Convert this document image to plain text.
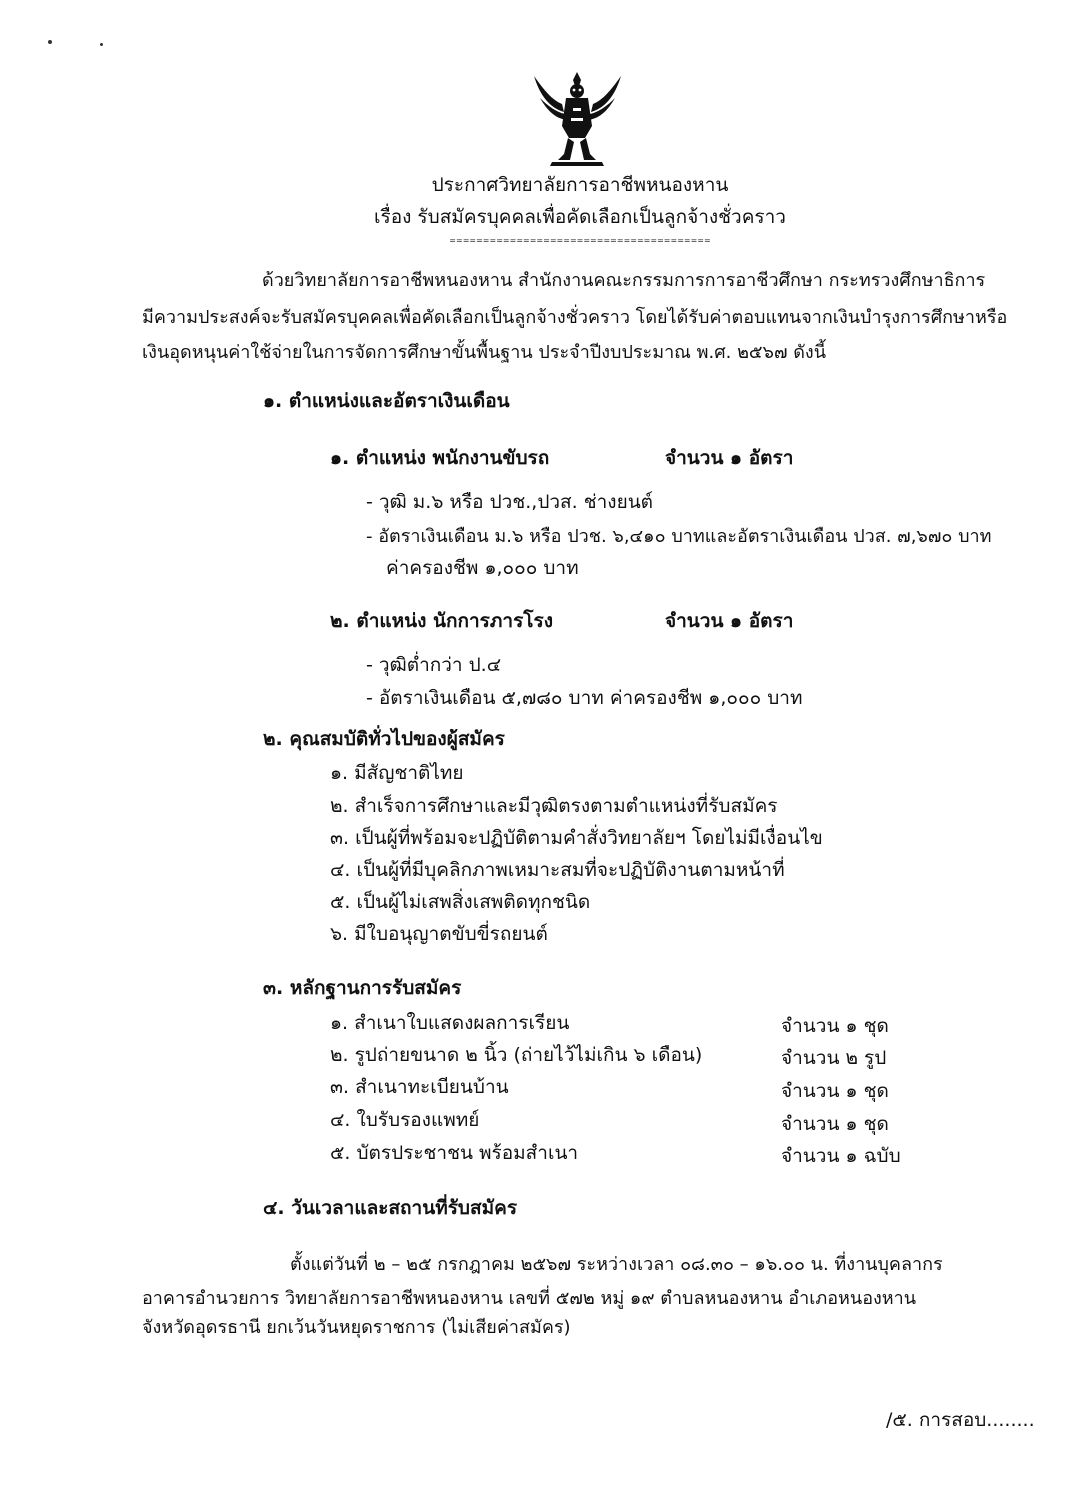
ประกาศวิทยาลัยการอาชีพหนองหาน
เรื่อง รับสมัครบุคคลเพื่อคัดเลือกเป็นลูกจ้างชั่วคราว
=======================================
ด้วยวิทยาลัยการอาชีพหนองหาน สำนักงานคณะกรรมการการอาชีวศึกษา กระทรวงศึกษาธิการ
มีความประสงค์จะรับสมัครบุคคลเพื่อคัดเลือกเป็นลูกจ้างชั่วคราว โดยได้รับค่าตอบแทนจากเงินบำรุงการศึกษาหรือ
เงินอุดหนุนค่าใช้จ่ายในการจัดการศึกษาขั้นพื้นฐาน ประจำปีงบประมาณ พ.ศ. ๒๕๖๗ ดังนี้
๑. ตำแหน่งและอัตราเงินเดือน
๑. ตำแหน่ง พนักงานขับรถ	จำนวน ๑ อัตรา
- วุฒิ ม.๖ หรือ ปวช.,ปวส. ช่างยนต์
- อัตราเงินเดือน ม.๖ หรือ ปวช. ๖,๔๑๐ บาทและอัตราเงินเดือน ปวส. ๗,๖๗๐ บาท
ค่าครองชีพ ๑,๐๐๐ บาท
๒. ตำแหน่ง นักการภารโรง	จำนวน ๑ อัตรา
- วุฒิต่ำกว่า ป.๔
- อัตราเงินเดือน ๕,๗๘๐ บาท ค่าครองชีพ ๑,๐๐๐ บาท
๒. คุณสมบัติทั่วไปของผู้สมัคร
๑. มีสัญชาติไทย
๒. สำเร็จการศึกษาและมีวุฒิตรงตามตำแหน่งที่รับสมัคร
๓. เป็นผู้ที่พร้อมจะปฏิบัติตามคำสั่งวิทยาลัยฯ โดยไม่มีเงื่อนไข
๔. เป็นผู้ที่มีบุคลิกภาพเหมาะสมที่จะปฏิบัติงานตามหน้าที่
๕. เป็นผู้ไม่เสพสิ่งเสพติดทุกชนิด
๖. มีใบอนุญาตขับขี่รถยนต์
๓. หลักฐานการรับสมัคร
๑. สำเนาใบแสดงผลการเรียน	จำนวน ๑ ชุด
๒. รูปถ่ายขนาด ๒ นิ้ว (ถ่ายไว้ไม่เกิน ๖ เดือน)	จำนวน ๒ รูป
๓. สำเนาทะเบียนบ้าน	จำนวน ๑ ชุด
๔. ใบรับรองแพทย์	จำนวน ๑ ชุด
๕. บัตรประชาชน พร้อมสำเนา	จำนวน ๑ ฉบับ
๔. วันเวลาและสถานที่รับสมัคร
ตั้งแต่วันที่ ๒ – ๒๕ กรกฎาคม ๒๕๖๗ ระหว่างเวลา ๐๘.๓๐ – ๑๖.๐๐ น. ที่งานบุคลากร
อาคารอำนวยการ วิทยาลัยการอาชีพหนองหาน เลขที่ ๕๗๒ หมู่ ๑๙ ตำบลหนองหาน อำเภอหนองหาน
จังหวัดอุดรธานี ยกเว้นวันหยุดราชการ (ไม่เสียค่าสมัคร)
/๕. การสอบ........
